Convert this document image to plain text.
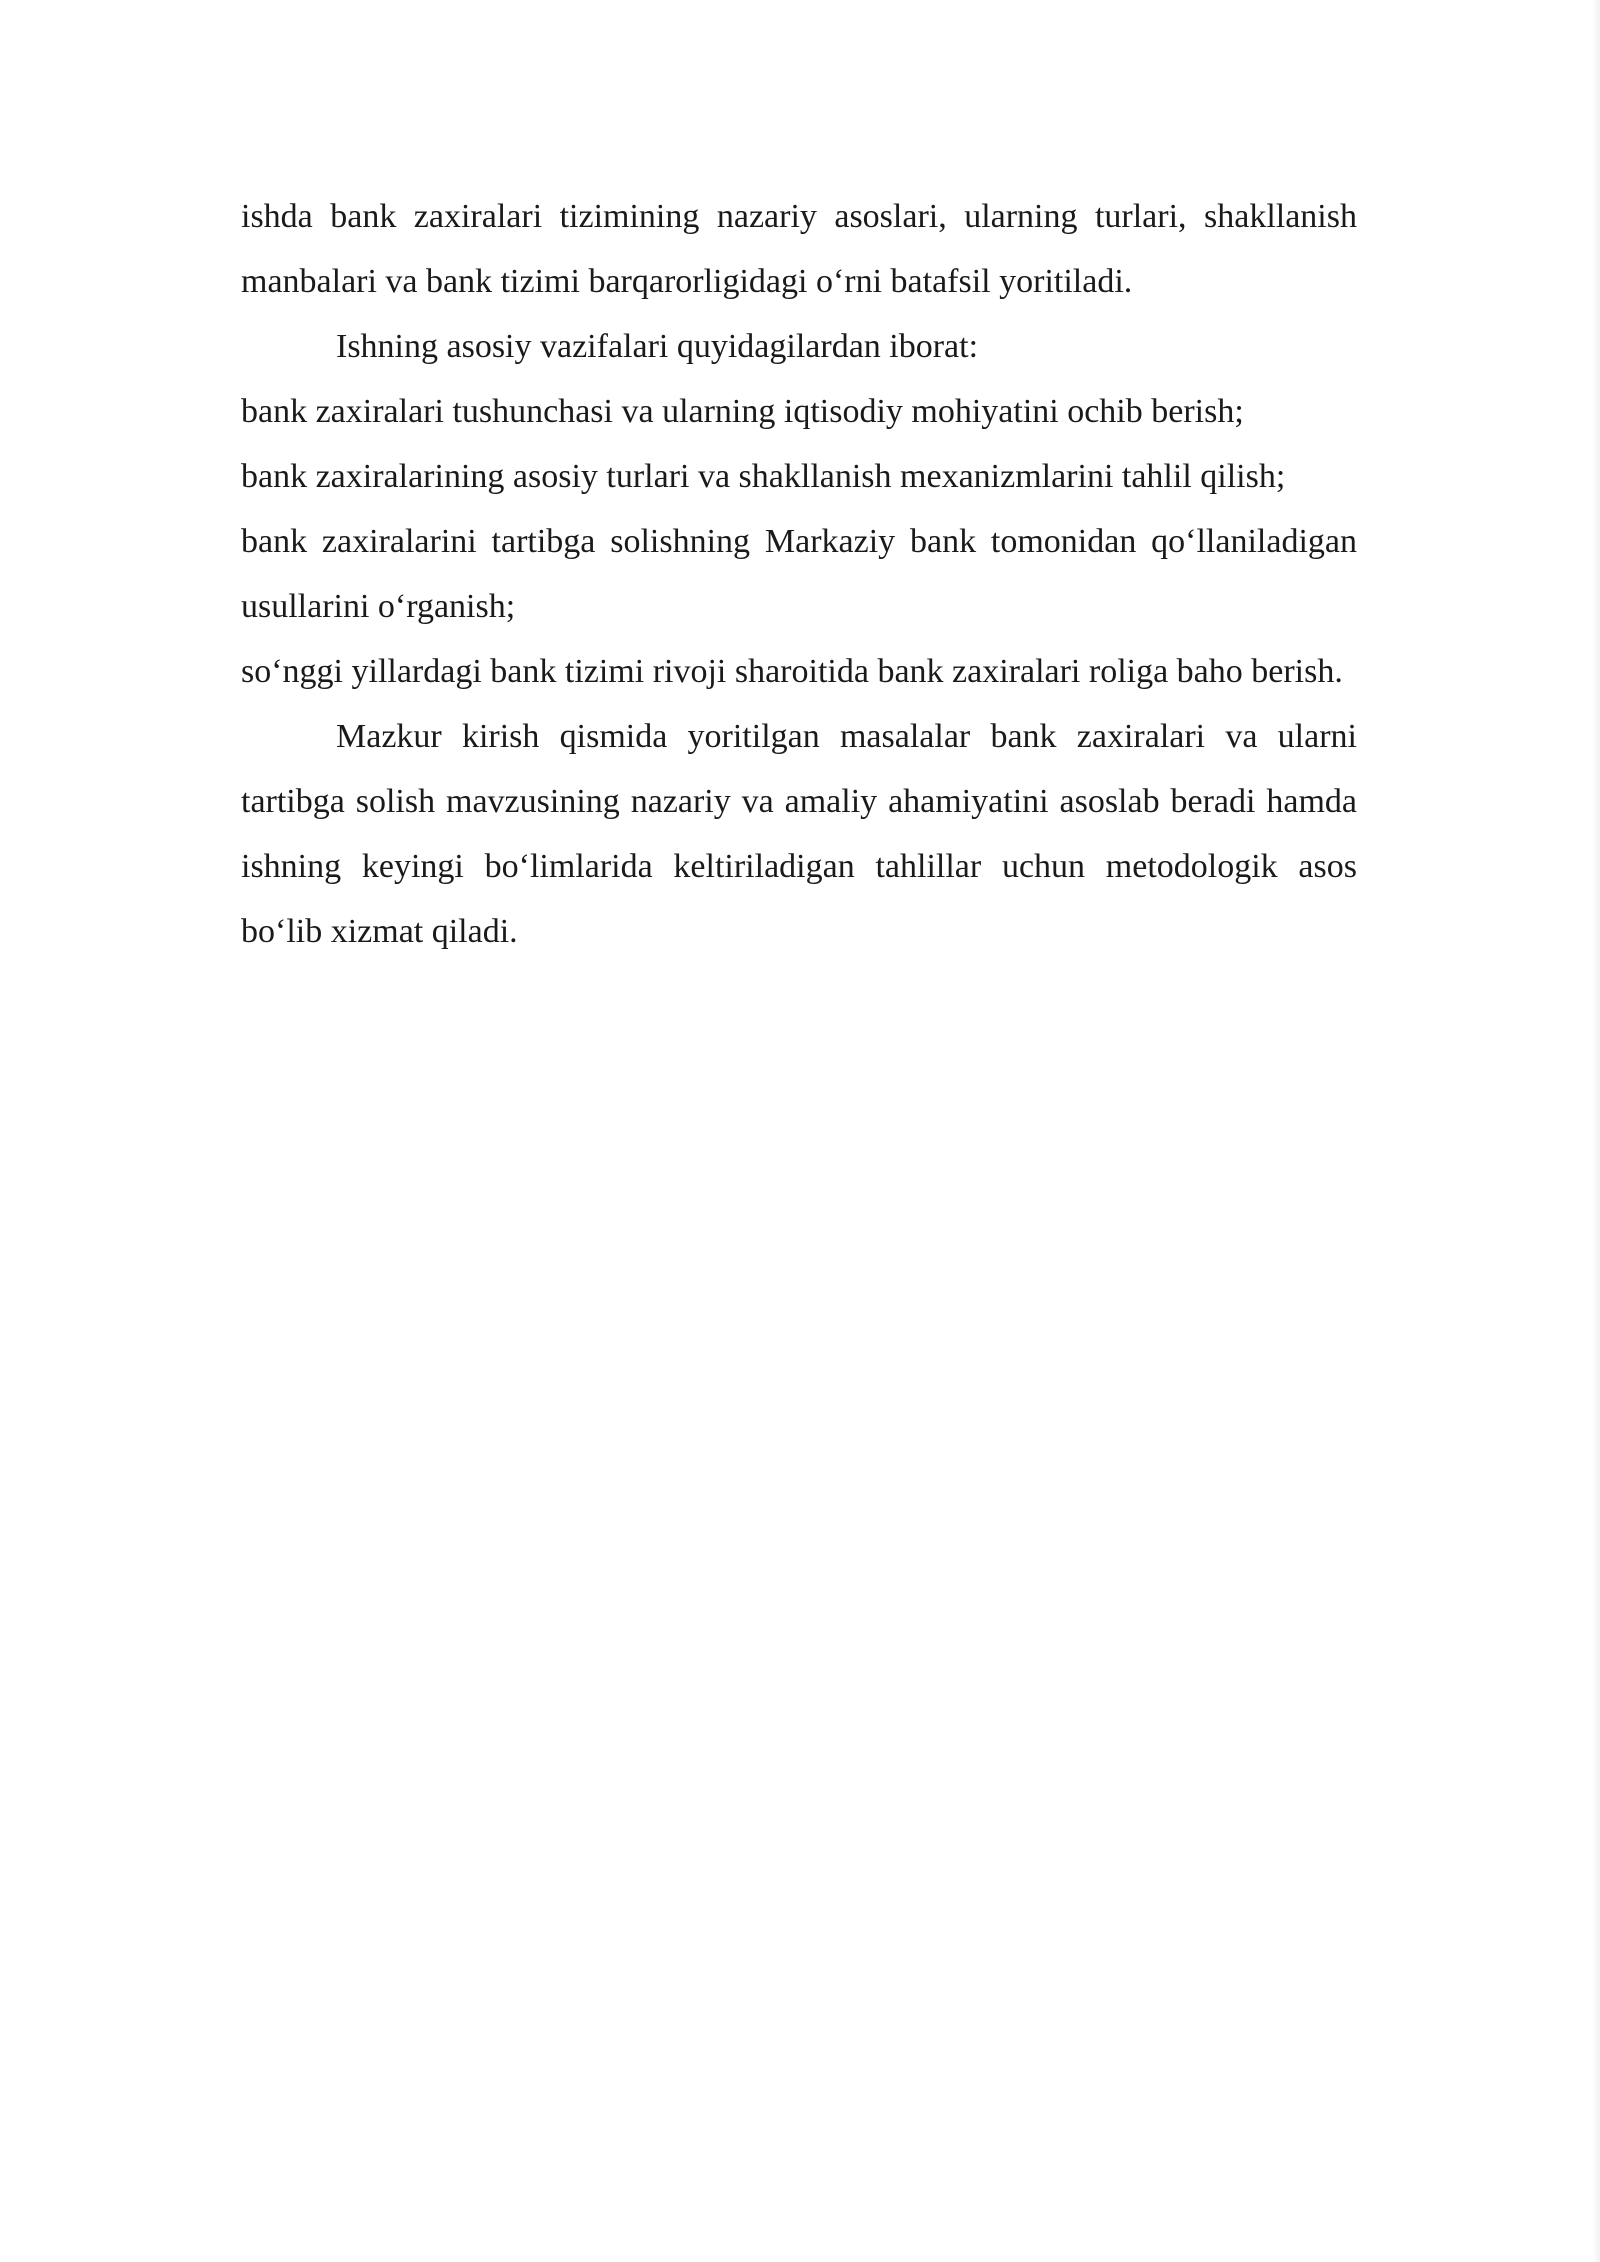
ishda bank zaxiralari tizimining nazariy asoslari, ularning turlari, shakllanish manbalari va bank tizimi barqarorligidagi o‘rni batafsil yoritiladi.

Ishning asosiy vazifalari quyidagilardan iborat:

bank zaxiralari tushunchasi va ularning iqtisodiy mohiyatini ochib berish;

bank zaxiralarining asosiy turlari va shakllanish mexanizmlarini tahlil qilish;

bank zaxiralarini tartibga solishning Markaziy bank tomonidan qo‘llaniladigan usullarini o‘rganish;

so‘nggi yillardagi bank tizimi rivoji sharoitida bank zaxiralari roliga baho berish.

Mazkur kirish qismida yoritilgan masalalar bank zaxiralari va ularni tartibga solish mavzusining nazariy va amaliy ahamiyatini asoslab beradi hamda ishning keyingi bo‘limlarida keltiriladigan tahlillar uchun metodologik asos bo‘lib xizmat qiladi.
